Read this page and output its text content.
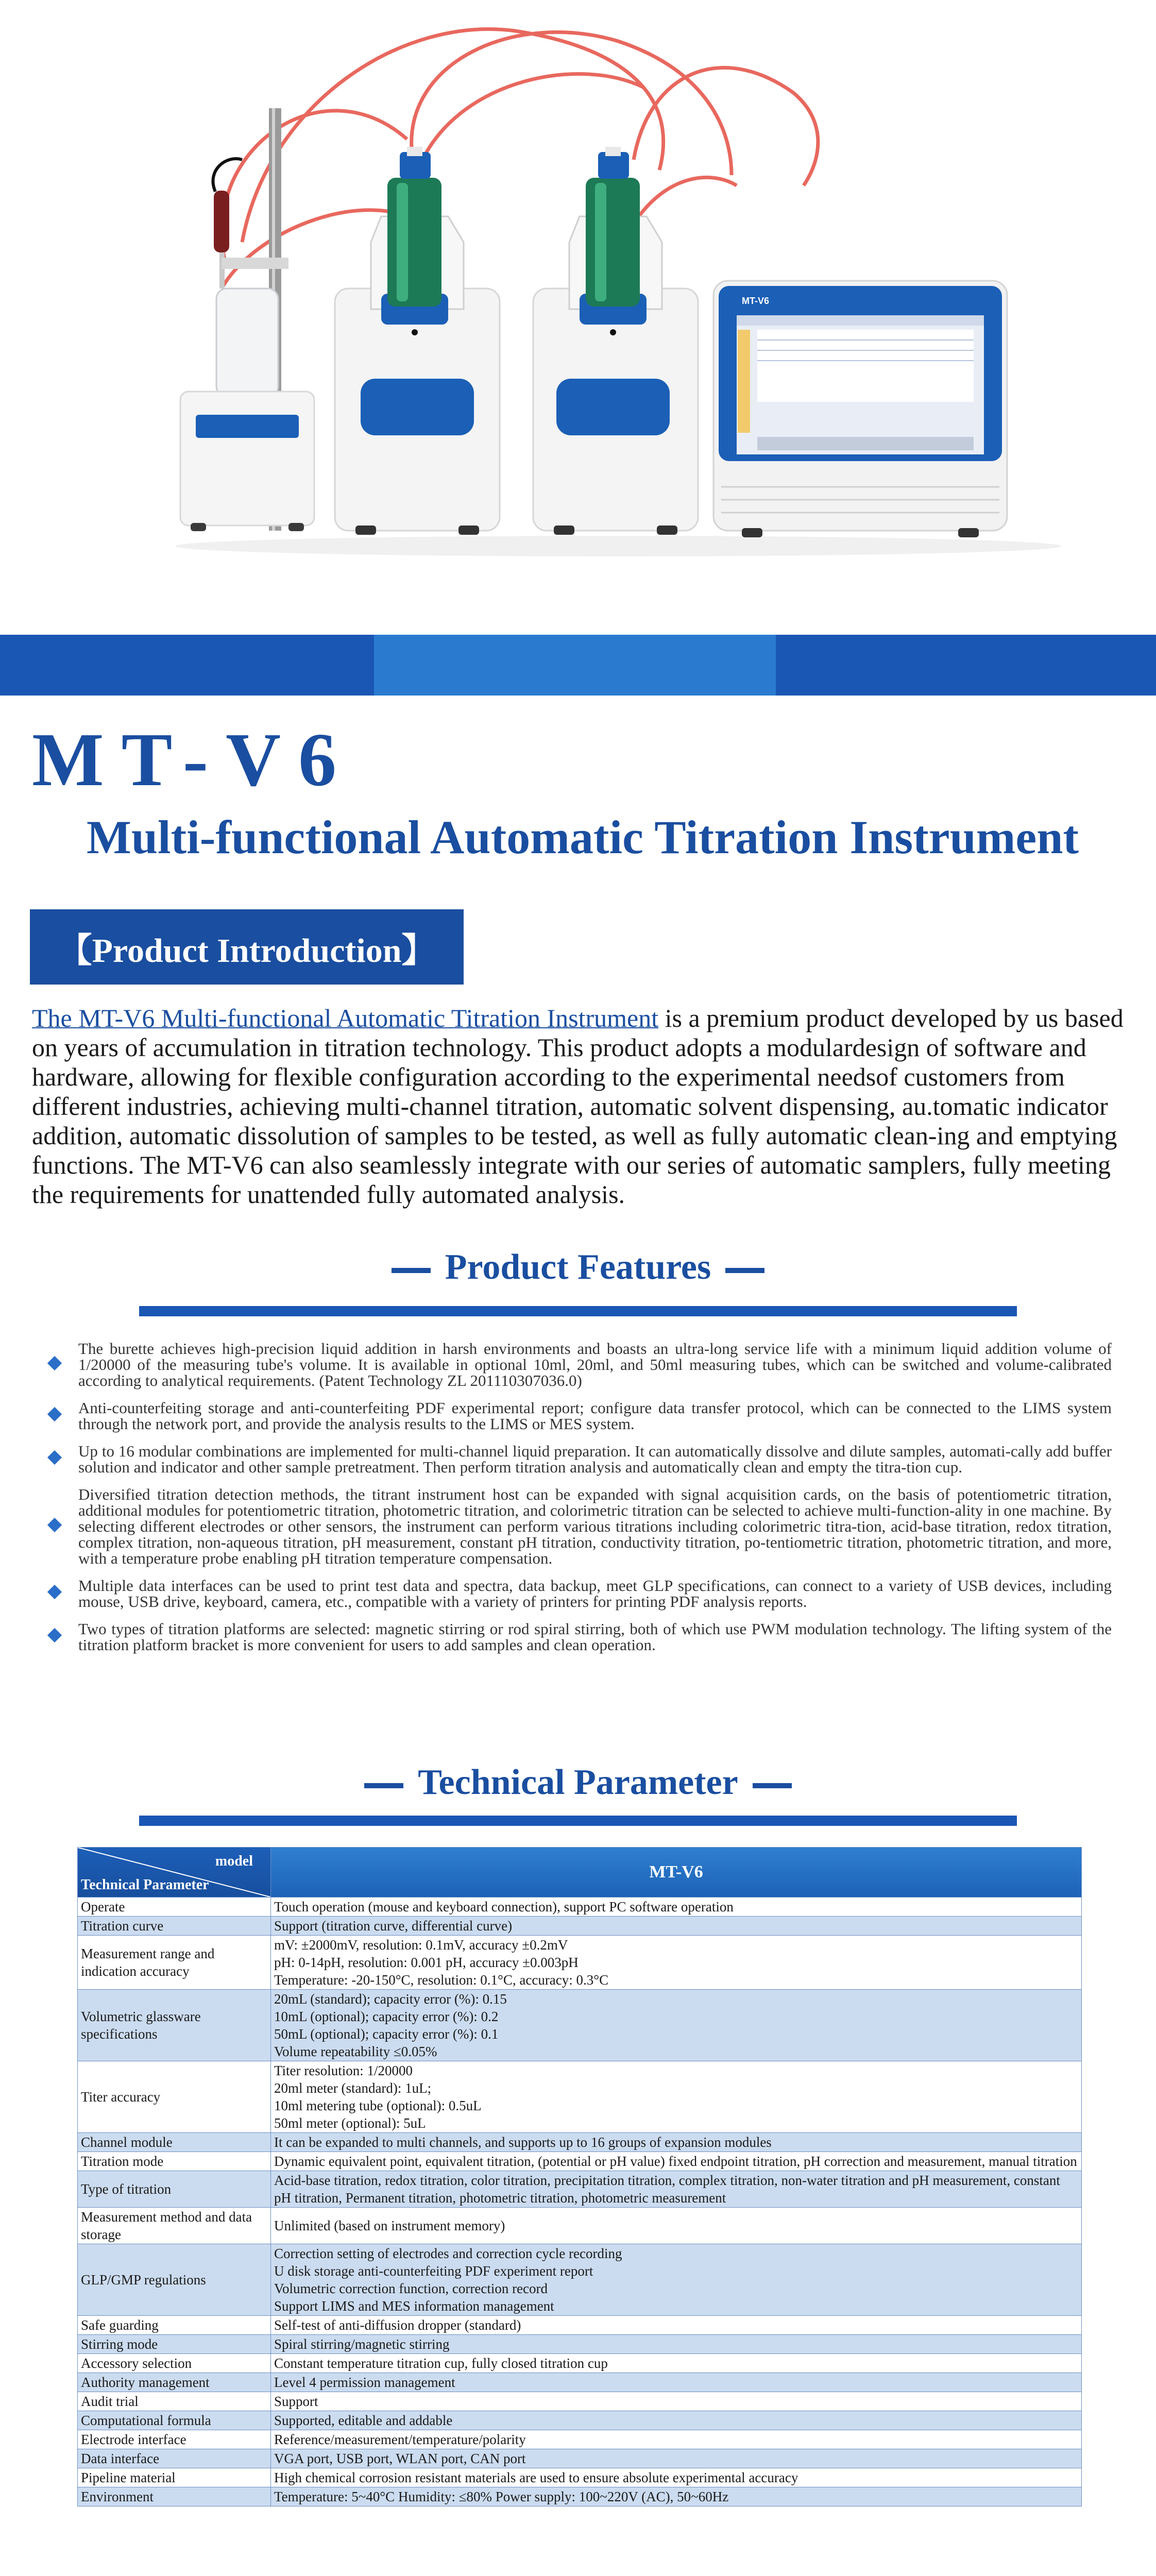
MT-V6
MT-V6
Multi-functional Automatic Titration Instrument
【Product Introduction】
The MT-V6 Multi-functional Automatic Titration Instrument is a premium product developed by us based on years of accumulation in titration technology. This product adopts a modulardesign of software and hardware, allowing for flexible configuration according to the experimental needsof customers from different industries, achieving multi-channel titration, automatic solvent dispensing, au.tomatic indicator addition, automatic dissolution of samples to be tested, as well as fully automatic clean-ing and emptying functions. The MT-V6 can also seamlessly integrate with our series of automatic samplers, fully meeting the requirements for unattended fully automated analysis.
Product Features
The burette achieves high-precision liquid addition in harsh environments and boasts an ultra-long service life with a minimum liquid addition volume of 1/20000 of the measuring tube's volume. It is available in optional 10ml, 20ml, and 50ml measuring tubes, which can be switched and volume-calibrated according to analytical requirements. (Patent Technology ZL 201110307036.0)
Anti-counterfeiting storage and anti-counterfeiting PDF experimental report; configure data transfer protocol, which can be connected to the LIMS system through the network port, and provide the analysis results to the LIMS or MES system.
Up to 16 modular combinations are implemented for multi-channel liquid preparation. It can automatically dissolve and dilute samples, automati-cally add buffer solution and indicator and other sample pretreatment. Then perform titration analysis and automatically clean and empty the titra-tion cup.
Diversified titration detection methods, the titrant instrument host can be expanded with signal acquisition cards, on the basis of potentiometric titration, additional modules for potentiometric titration, photometric titration, and colorimetric titration can be selected to achieve multi-function-ality in one machine. By selecting different electrodes or other sensors, the instrument can perform various titrations including colorimetric titra-tion, acid-base titration, redox titration, complex titration, non-aqueous titration, pH measurement, constant pH titration, conductivity titration, po-tentiometric titration, photometric titration, and more, with a temperature probe enabling pH titration temperature compensation.
Multiple data interfaces can be used to print test data and spectra, data backup, meet GLP specifications, can connect to a variety of USB devices, including mouse, USB drive, keyboard, camera, etc., compatible with a variety of printers for printing PDF analysis reports.
Two types of titration platforms are selected: magnetic stirring or rod spiral stirring, both of which use PWM modulation technology. The lifting system of the titration platform bracket is more convenient for users to add samples and clean operation.
Technical Parameter
model
Technical Parameter	MT-V6

Operate	Touch operation (mouse and keyboard connection), support PC software operation

Titration curve	Support (titration curve, differential curve)

Measurement range and indication accuracy	mV: ±2000mV, resolution: 0.1mV, accuracy ±0.2mV
pH: 0-14pH, resolution: 0.001 pH, accuracy ±0.003pH
Temperature: -20-150°C, resolution: 0.1°C, accuracy: 0.3°C

Volumetric glassware specifications	20mL (standard); capacity error (%): 0.15
10mL (optional); capacity error (%): 0.2
50mL (optional); capacity error (%): 0.1
Volume repeatability ≤0.05%

Titer accuracy	Titer resolution: 1/20000
20ml meter (standard): 1uL;
10ml metering tube (optional): 0.5uL
50ml meter (optional): 5uL

Channel module	It can be expanded to multi channels, and supports up to 16 groups of expansion modules

Titration mode	Dynamic equivalent point, equivalent titration, (potential or pH value) fixed endpoint titration, pH correction and measurement, manual titration

Type of titration	Acid-base titration, redox titration, color titration, precipitation titration, complex titration, non-water titration and pH measurement, constant pH titration, Permanent titration, photometric titration, photometric measurement

Measurement method and data storage	Unlimited (based on instrument memory)

GLP/GMP regulations	Correction setting of electrodes and correction cycle recording
U disk storage anti-counterfeiting PDF experiment report
Volumetric correction function, correction record
Support LIMS and MES information management

Safe guarding	Self-test of anti-diffusion dropper (standard)

Stirring mode	Spiral stirring/magnetic stirring

Accessory selection	Constant temperature titration cup, fully closed titration cup

Authority management	Level 4 permission management

Audit trial	Support

Computational formula	Supported, editable and addable

Electrode interface	Reference/measurement/temperature/polarity

Data interface	VGA port, USB port, WLAN port, CAN port

Pipeline material	High chemical corrosion resistant materials are used to ensure absolute experimental accuracy

Environment	Temperature: 5~40°C Humidity: ≤80% Power supply: 100~220V (AC), 50~60Hz
